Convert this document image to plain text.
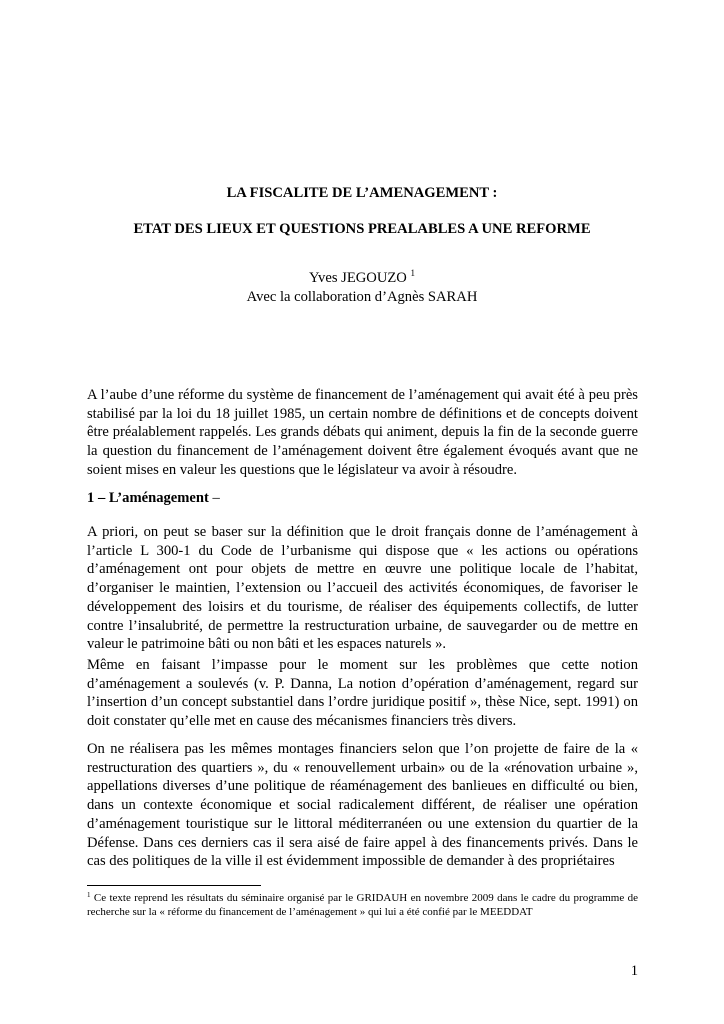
LA FISCALITE DE L’AMENAGEMENT :
ETAT DES LIEUX ET QUESTIONS PREALABLES A UNE REFORME
Yves JEGOUZO $^1$
Avec la collaboration d’Agnès SARAH

A l’aube d’une réforme du système de financement de l’aménagement qui avait été à peu près stabilisé par la loi du 18 juillet 1985, un certain nombre de définitions et de concepts doivent être préalablement rappelés. Les grands débats qui animent, depuis la fin de la seconde guerre la question du financement de l’aménagement doivent être également évoqués avant que ne soient mises en valeur les questions que le législateur va avoir à résoudre.

1 – L’aménagement –

A priori, on peut se baser sur la définition que le droit français donne de l’aménagement à l’article L 300-1 du Code de l’urbanisme qui dispose que « les actions ou opérations d’aménagement ont pour objets de mettre en œuvre une politique locale de l’habitat, d’organiser le maintien, l’extension ou l’accueil des activités économiques, de favoriser le développement des loisirs et du tourisme, de réaliser des équipements collectifs, de lutter contre l’insalubrité, de permettre la restructuration urbaine, de sauvegarder ou de mettre en valeur le patrimoine bâti ou non bâti et les espaces naturels ».

Même en faisant l’impasse pour le moment sur les problèmes que cette notion d’aménagement a soulevés (v. P. Danna, La notion d’opération d’aménagement, regard sur l’insertion d’un concept substantiel dans l’ordre juridique positif », thèse Nice, sept. 1991) on doit constater qu’elle met en cause des mécanismes financiers très divers.

On ne réalisera pas les mêmes montages financiers selon que l’on projette de faire de la « restructuration des quartiers », du « renouvellement urbain» ou de la «rénovation urbaine », appellations diverses d’une politique de réaménagement des banlieues en difficulté ou bien, dans un contexte économique et social radicalement différent, de réaliser une opération d’aménagement touristique sur le littoral méditerranéen ou une extension du quartier de la Défense. Dans ces derniers cas il sera aisé de faire appel à des financements privés. Dans le cas des politiques de la ville il est évidemment impossible de demander à des propriétaires

$^1$ Ce texte reprend les résultats du séminaire organisé par le GRIDAUH en novembre 2009 dans le cadre du programme de recherche sur la « réforme du financement de l’aménagement » qui lui a été confié par le MEEDDAT

1
